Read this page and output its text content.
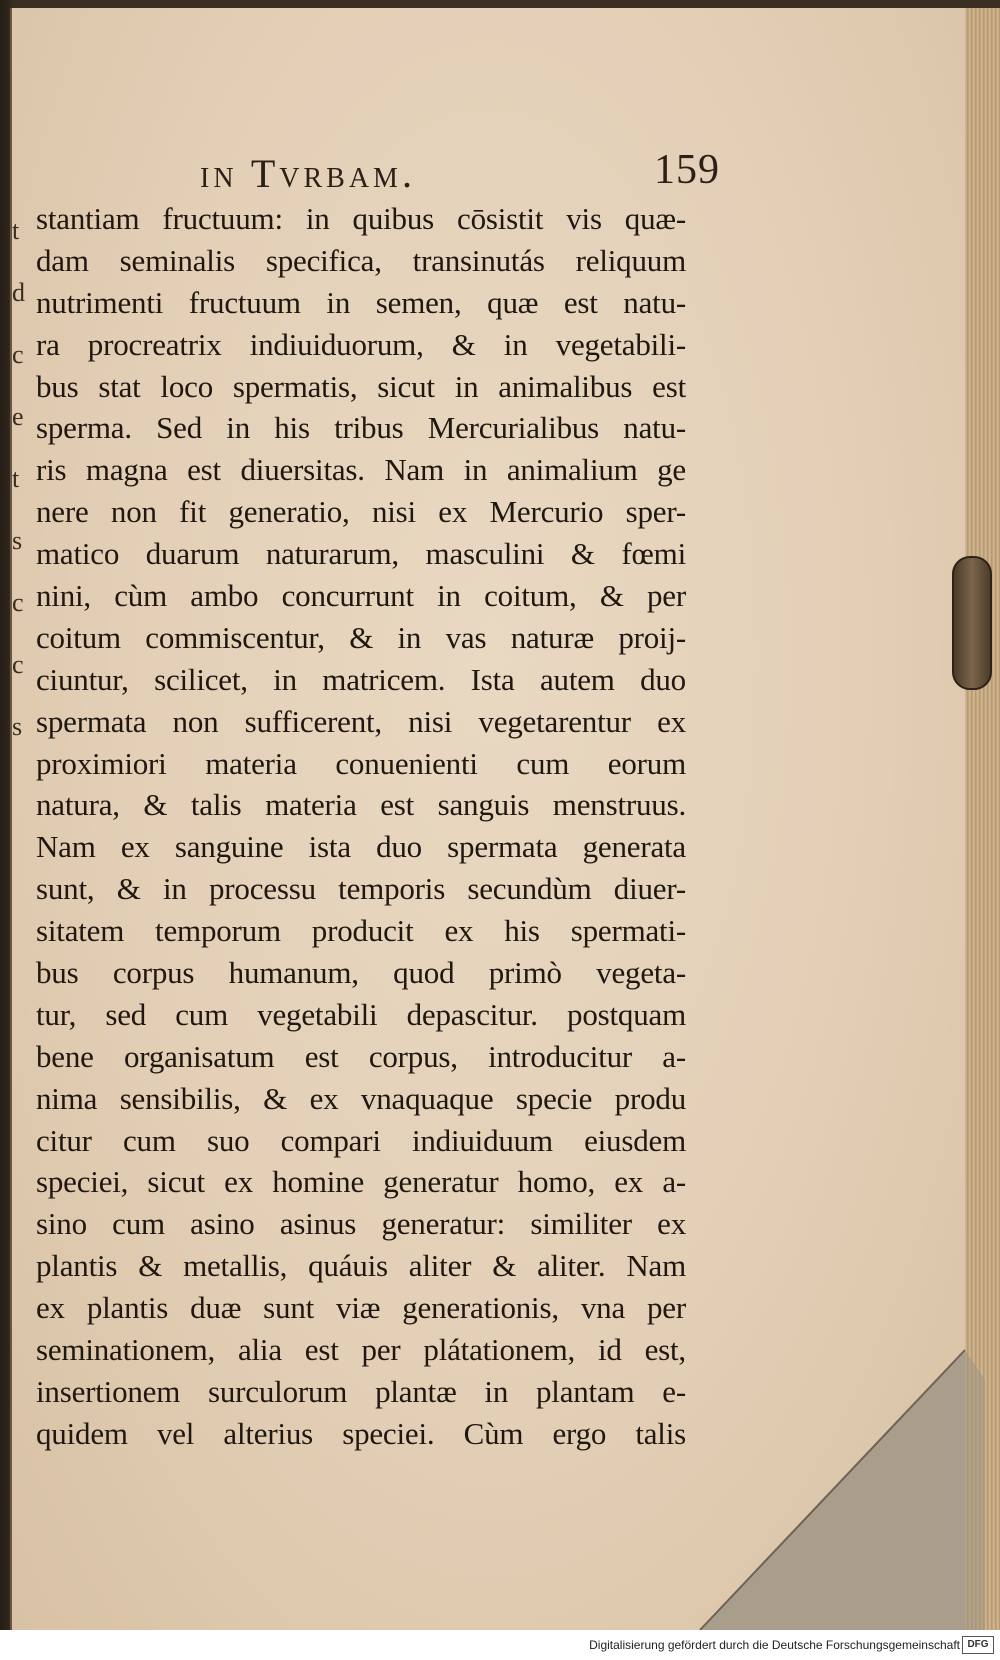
t
d
c
e
t
s
c
c
s
in Tvrbam.	159
stantiam fructuum: in quibus cōsistit vis quæ-
dam seminalis specifica, transinutás reliquum
nutrimenti fructuum in semen, quæ est natu-
ra procreatrix indiuiduorum, & in vegetabili-
bus stat loco spermatis, sicut in animalibus est
sperma. Sed in his tribus Mercurialibus natu-
ris magna est diuersitas. Nam in animalium ge
nere non fit generatio, nisi ex Mercurio sper-
matico duarum naturarum, masculini & fœmi
nini, cùm ambo concurrunt in coitum, & per
coitum commiscentur, & in vas naturæ proij-
ciuntur, scilicet, in matricem. Ista autem duo
spermata non sufficerent, nisi vegetarentur ex
proximiori materia conuenienti cum eorum
natura, & talis materia est sanguis menstruus.
Nam ex sanguine ista duo spermata generata
sunt, & in processu temporis secundùm diuer-
sitatem temporum producit ex his spermati-
bus corpus humanum, quod primò vegeta-
tur, sed cum vegetabili depascitur. postquam
bene organisatum est corpus, introducitur a-
nima sensibilis, & ex vnaquaque specie produ
citur cum suo compari indiuiduum eiusdem
speciei, sicut ex homine generatur homo, ex a-
sino cum asino asinus generatur: similiter ex
plantis & metallis, quáuis aliter & aliter. Nam
ex plantis duæ sunt viæ generationis, vna per
seminationem, alia est per plátationem, id est,
insertionem surculorum plantæ in plantam e-
quidem vel alterius speciei. Cùm ergo talis
Digitalisierung gefördert durch die Deutsche Forschungsgemeinschaft DFG
